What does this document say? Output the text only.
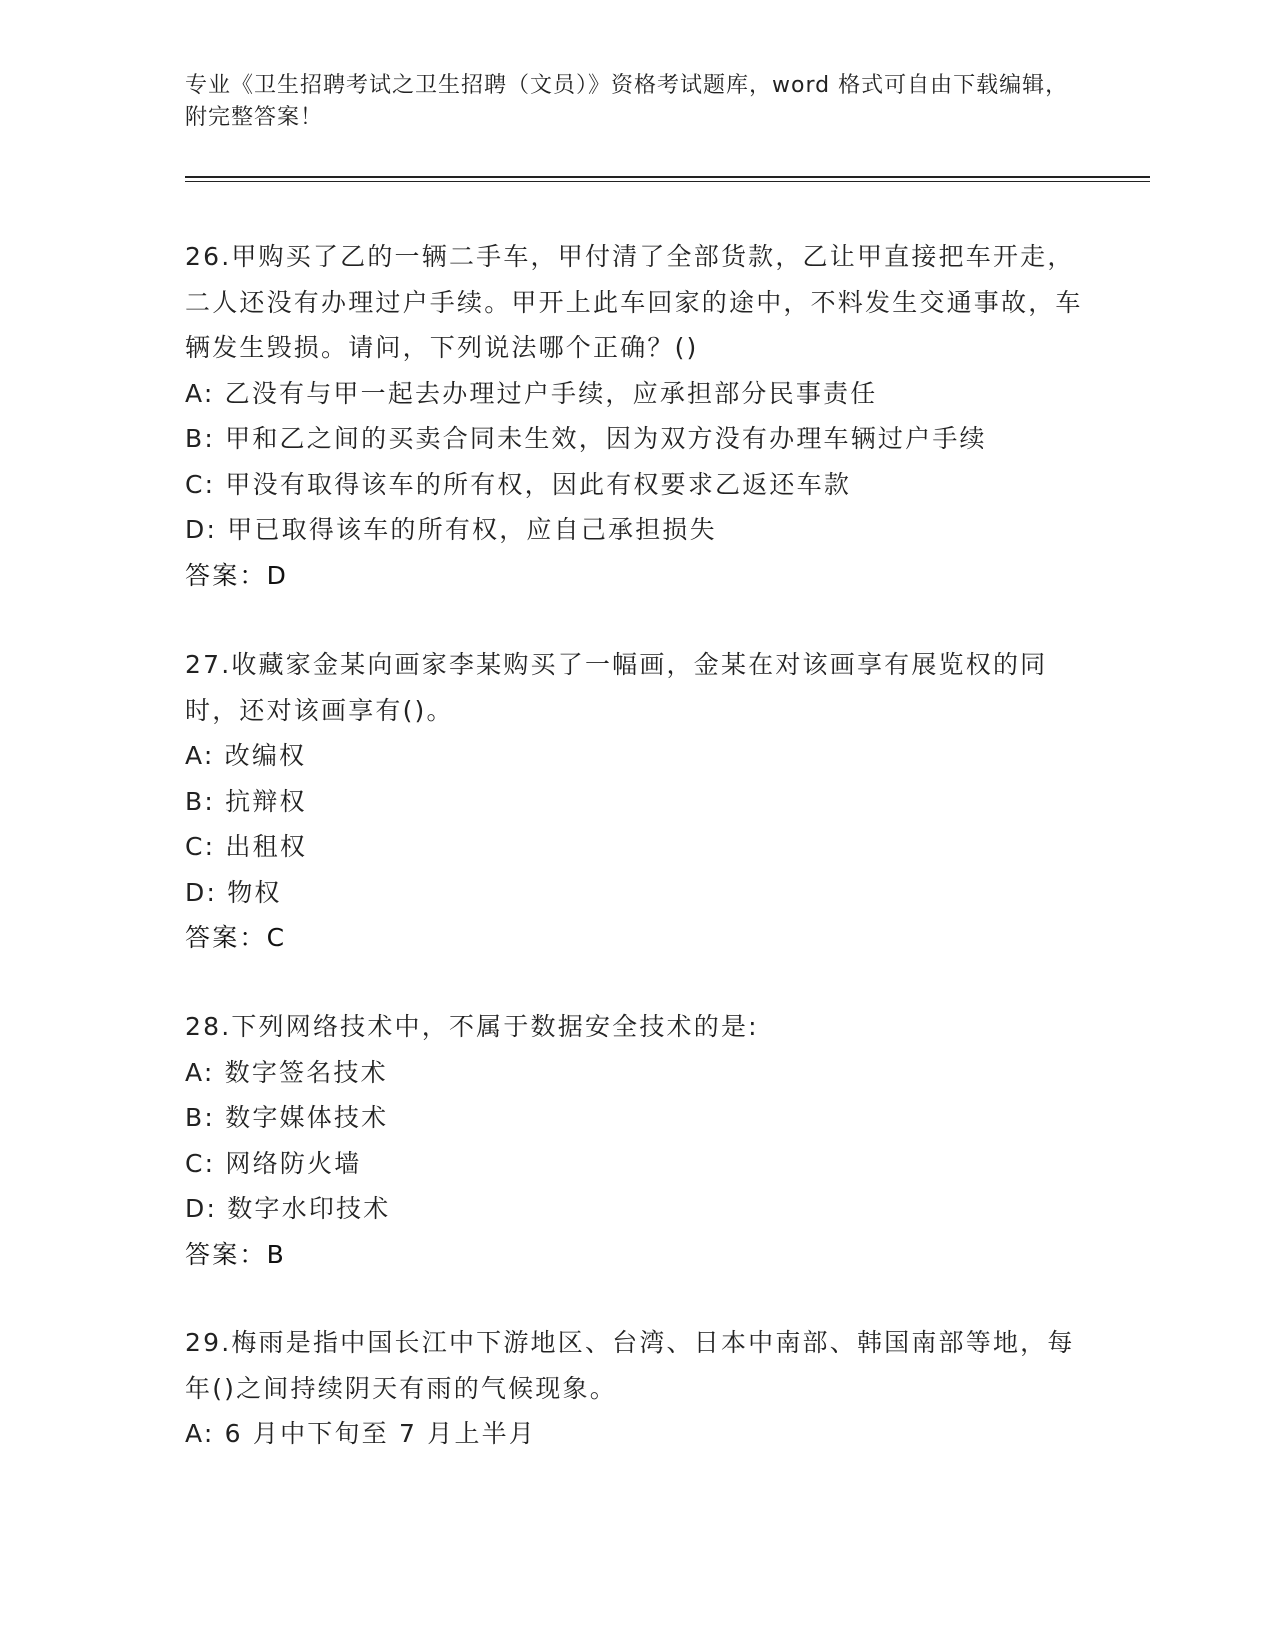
专业《卫生招聘考试之卫生招聘（文员）》资格考试题库，word 格式可自由下载编辑，附完整答案！
26.甲购买了乙的一辆二手车，甲付清了全部货款，乙让甲直接把车开走，二人还没有办理过户手续。甲开上此车回家的途中，不料发生交通事故，车辆发生毁损。请问，下列说法哪个正确？()
A: 乙没有与甲一起去办理过户手续，应承担部分民事责任
B: 甲和乙之间的买卖合同未生效，因为双方没有办理车辆过户手续
C: 甲没有取得该车的所有权，因此有权要求乙返还车款
D: 甲已取得该车的所有权，应自己承担损失
答案：D
27.收藏家金某向画家李某购买了一幅画，金某在对该画享有展览权的同时，还对该画享有()。
A: 改编权
B: 抗辩权
C: 出租权
D: 物权
答案：C
28.下列网络技术中，不属于数据安全技术的是:
A: 数字签名技术
B: 数字媒体技术
C: 网络防火墙
D: 数字水印技术
答案：B
29.梅雨是指中国长江中下游地区、台湾、日本中南部、韩国南部等地，每年()之间持续阴天有雨的气候现象。
A: 6 月中下旬至 7 月上半月
